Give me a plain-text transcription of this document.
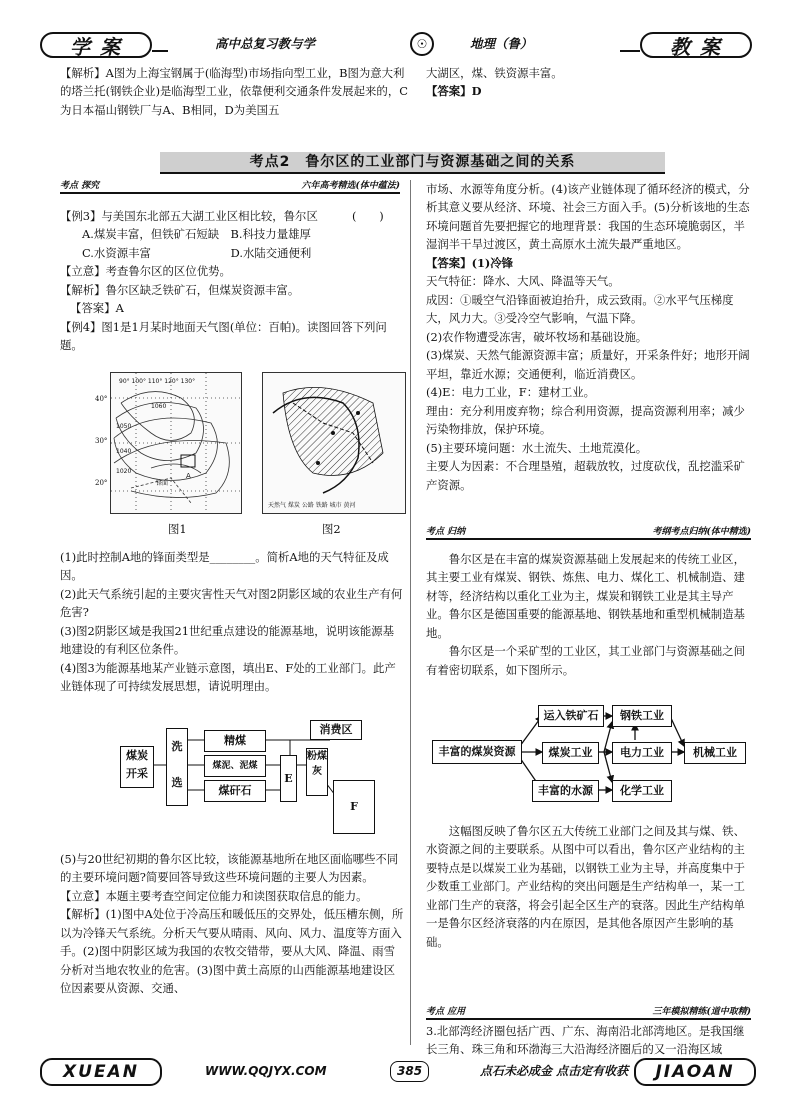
学案	高中总复习教与学	☉	地理（鲁）	教案

【解析】A图为上海宝钢属于(临海型)市场指向型工业，B图为意大利的塔兰托(钢铁企业)是临海型工业，依靠便利交通条件发展起来的，C为日本福山钢铁厂与A、B相同，D为美国五

大湖区，煤、铁资源丰富。

【答案】D

考点2　鲁尔区的工业部门与资源基础之间的关系
考点 探究	六年高考精选(体中蕴法)

【例3】与美国东北部五大湖工业区相比较，鲁尔区　　　(　　)

A.煤炭丰富，但铁矿石短缺　B.科技力量雄厚

C.水资源丰富　　　　　　　D.水陆交通便利

【立意】考查鲁尔区的区位优势。

【解析】鲁尔区缺乏铁矿石，但煤炭资源丰富。

【答案】A

【例4】图1是1月某时地面天气图(单位：百帕)。读图回答下列问题。

A
90° 100° 110° 120° 130°
1060
1050
1040
1020
锋面
40°
30°
20°
天然气 煤炭 公路 铁路 城市 黄河
图1	图2

(1)此时控制A地的锋面类型是________。简析A地的天气特征及成因。

(2)此天气系统引起的主要灾害性天气对图2阴影区域的农业生产有何危害?

(3)图2阴影区域是我国21世纪重点建设的能源基地，说明该能源基地建设的有利区位条件。

(4)图3为能源基地某产业链示意图，填出E、F处的工业部门。此产业链体现了可持续发展思想，请说明理由。

煤炭开采
洗选
精煤
煤泥、泥煤
煤矸石
E
粉煤灰
消费区
F

(5)与20世纪初期的鲁尔区比较，该能源基地所在地区面临哪些不同的主要环境问题?简要回答导致这些环境问题的主要人为因素。

【立意】本题主要考查空间定位能力和读图获取信息的能力。

【解析】(1)图中A处位于冷高压和暖低压的交界处，低压槽东侧，所以为冷锋天气系统。分析天气要从晴雨、风向、风力、温度等方面入手。(2)图中阴影区域为我国的农牧交错带，要从大风、降温、雨雪分析对当地农牧业的危害。(3)图中黄土高原的山西能源基地建设区位因素要从资源、交通、

市场、水源等角度分析。(4)该产业链体现了循环经济的模式，分析其意义要从经济、环境、社会三方面入手。(5)分析该地的生态环境问题首先要把握它的地理背景：我国的生态环境脆弱区，半湿润半干旱过渡区，黄土高原水土流失最严重地区。

【答案】(1)冷锋

天气特征：降水、大风、降温等天气。

成因：①暖空气沿锋面被迫抬升，成云致雨。②水平气压梯度大，风力大。③受冷空气影响，气温下降。

(2)农作物遭受冻害，破坏牧场和基础设施。

(3)煤炭、天然气能源资源丰富；质量好，开采条件好；地形开阔平坦，靠近水源；交通便利，临近消费区。

(4)E：电力工业，F：建材工业。

理由：充分利用废弃物；综合利用资源，提高资源利用率；减少污染物排放，保护环境。

(5)主要环境问题：水土流失、土地荒漠化。

主要人为因素：不合理垦殖，超载放牧，过度砍伐，乱挖滥采矿产资源。

考点 归纳	考纲考点归纳(体中精选)

鲁尔区是在丰富的煤炭资源基础上发展起来的传统工业区，其主要工业有煤炭、钢铁、炼焦、电力、煤化工、机械制造、建材等，经济结构以重化工业为主，煤炭和钢铁工业是其主导产业。鲁尔区是德国重要的能源基地、钢铁基地和重型机械制造基地。

鲁尔区是一个采矿型的工业区，其工业部门与资源基础之间有着密切联系，如下图所示。

丰富的煤炭资源
运入铁矿石	钢铁工业
煤炭工业	电力工业	机械工业
丰富的水源	化学工业

这幅图反映了鲁尔区五大传统工业部门之间及其与煤、铁、水资源之间的主要联系。从图中可以看出，鲁尔区产业结构的主要特点是以煤炭工业为基础，以钢铁工业为主导，并高度集中于少数重工业部门。产业结构的突出问题是生产结构单一，某一工业部门生产的衰落，将会引起全区生产的衰落。因此生产结构单一是鲁尔区经济衰落的内在原因，是其他各原因产生影响的基础。

考点 应用	三年模拟精练(道中取精)

3.北部湾经济圈包括广西、广东、海南沿北部湾地区。是我国继长三角、珠三角和环渤海三大沿海经济圈后的又一沿海区域

XUEAN	WWW.QQJYX.COM	385	点石未必成金 点击定有收获	JIAOAN
